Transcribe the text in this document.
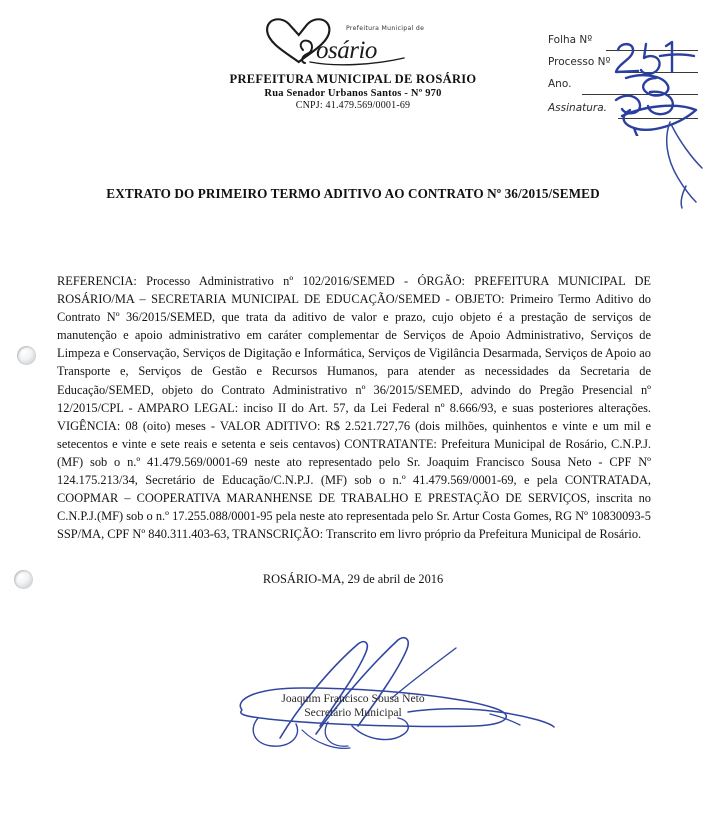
osário
Prefeitura Municipal de
PREFEITURA MUNICIPAL DE ROSÁRIO
Rua Senador Urbanos Santos - Nº 970
CNPJ: 41.479.569/0001-69
Folha Nº
Processo Nº
Ano.
Assinatura.
EXTRATO DO PRIMEIRO TERMO ADITIVO AO CONTRATO Nº 36/2015/SEMED
REFERENCIA: Processo Administrativo nº 102/2016/SEMED - ÓRGÃO: PREFEITURA MUNICIPAL DE ROSÁRIO/MA – SECRETARIA MUNICIPAL DE EDUCAÇÃO/SEMED - OBJETO: Primeiro Termo Aditivo do Contrato Nº 36/2015/SEMED, que trata da aditivo de valor e prazo, cujo objeto é a prestação de serviços de manutenção e apoio administrativo em caráter complementar de Serviços de Apoio Administrativo, Serviços de Limpeza e Conservação, Serviços de Digitação e Informática, Serviços de Vigilância Desarmada, Serviços de Apoio ao Transporte e, Serviços de Gestão e Recursos Humanos, para atender as necessidades da Secretaria de Educação/SEMED, objeto do Contrato Administrativo nº 36/2015/SEMED, advindo do Pregão Presencial nº 12/2015/CPL - AMPARO LEGAL: inciso II do Art. 57, da Lei Federal nº 8.666/93, e suas posteriores alterações. VIGÊNCIA: 08 (oito) meses - VALOR ADITIVO: R$ 2.521.727,76 (dois milhões, quinhentos e vinte e um mil e setecentos e vinte e sete reais e setenta e seis centavos) CONTRATANTE: Prefeitura Municipal de Rosário, C.N.P.J. (MF) sob o n.º 41.479.569/0001-69 neste ato representado pelo Sr. Joaquim Francisco Sousa Neto - CPF Nº 124.175.213/34, Secretário de Educação/C.N.P.J. (MF) sob o n.º 41.479.569/0001-69, e pela CONTRATADA, COOPMAR – COOPERATIVA MARANHENSE DE TRABALHO E PRESTAÇÃO DE SERVIÇOS, inscrita no C.N.P.J.(MF) sob o n.º 17.255.088/0001-95 pela neste ato representada pelo Sr. Artur Costa Gomes, RG Nº 10830093-5 SSP/MA, CPF Nº 840.311.403-63, TRANSCRIÇÃO: Transcrito em livro próprio da Prefeitura Municipal de Rosário.
ROSÁRIO-MA, 29 de abril de 2016
Joaquim Francisco Sousa Neto
Secretário Municipal
